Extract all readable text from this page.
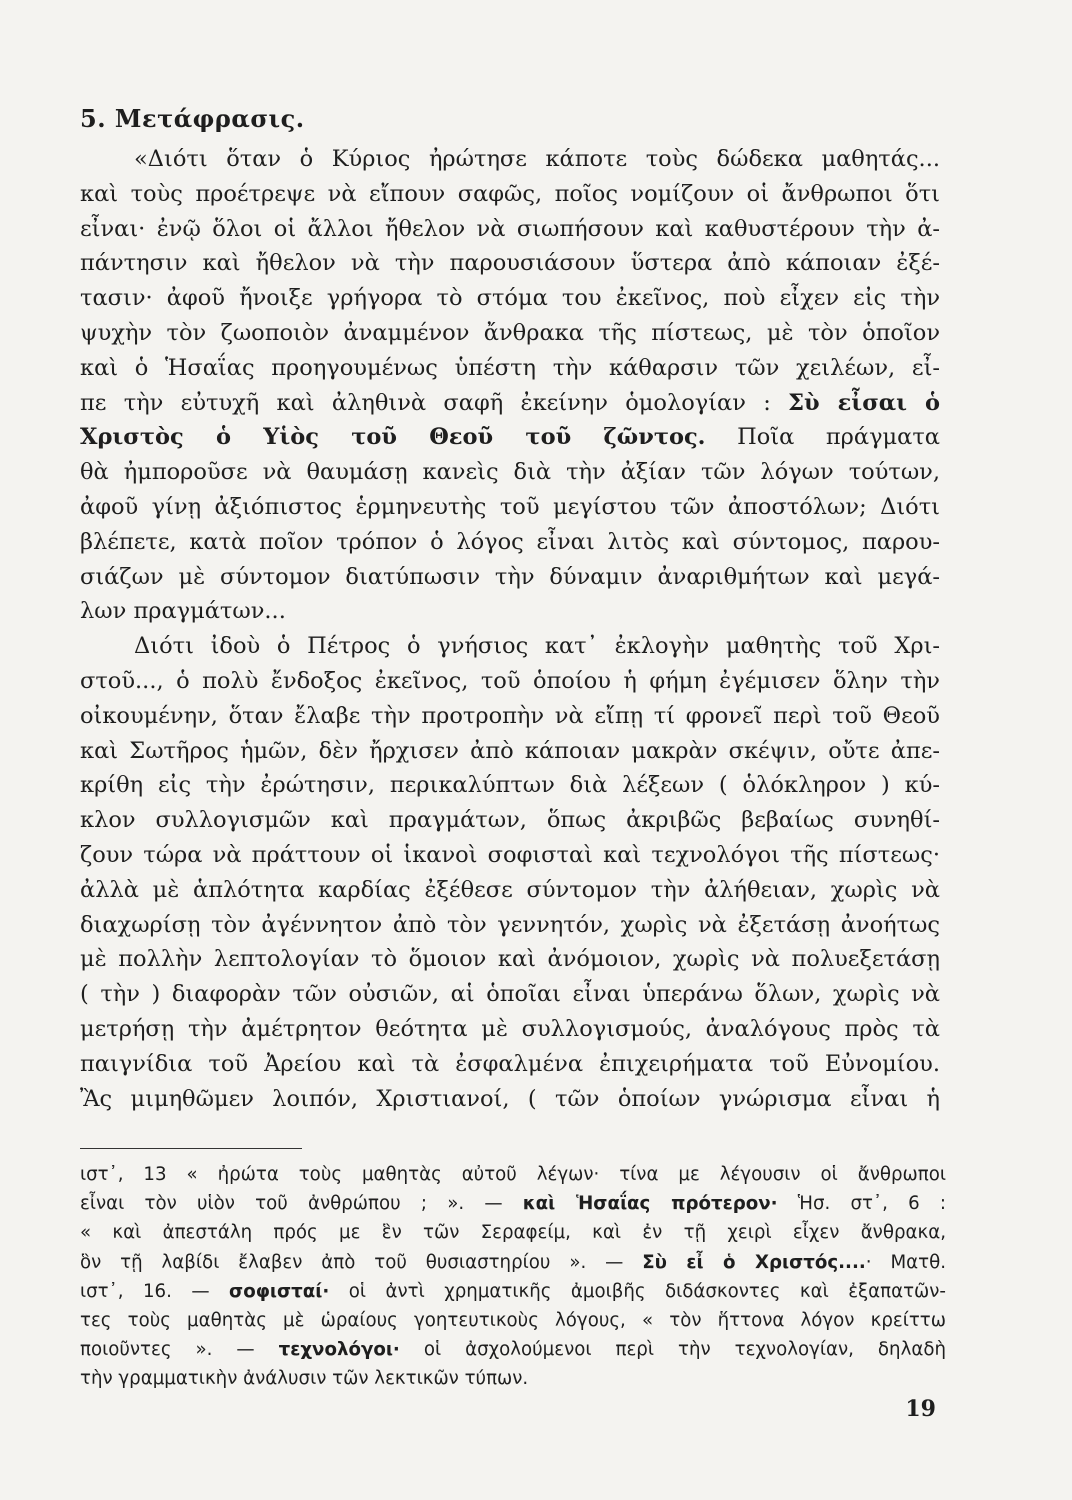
5. Μετάφρασις.
«Διότι ὅταν ὁ Κύριος ἠρώτησε κάποτε τοὺς δώδεκα μαθητάς...
καὶ τοὺς προέτρεψε νὰ εἴπουν σαφῶς, ποῖος νομίζουν οἱ ἄνθρωποι ὅτι
εἶναι· ἐνῷ ὅλοι οἱ ἄλλοι ἤθελον νὰ σιωπήσουν καὶ καθυστέρουν τὴν ἀ-
πάντησιν καὶ ἤθελον νὰ τὴν παρουσιάσουν ὕστερα ἀπὸ κάποιαν ἐξέ-
τασιν· ἀφοῦ ἤνοιξε γρήγορα τὸ στόμα του ἐκεῖνος, ποὺ εἶχεν εἰς τὴν
ψυχὴν τὸν ζωοποιὸν ἀναμμένον ἄνθρακα τῆς πίστεως, μὲ τὸν ὁποῖον
καὶ ὁ Ἡσαΐας προηγουμένως ὑπέστη τὴν κάθαρσιν τῶν χειλέων, εἶ-
πε τὴν εὐτυχῆ καὶ ἀληθινὰ σαφῆ ἐκείνην ὁμολογίαν : Σὺ εἶσαι ὁ
Χριστὸς ὁ Υἱὸς τοῦ Θεοῦ τοῦ ζῶντος. Ποῖα πράγματα
θὰ ἠμποροῦσε νὰ θαυμάσῃ κανεὶς διὰ τὴν ἀξίαν τῶν λόγων τούτων,
ἀφοῦ γίνῃ ἀξιόπιστος ἑρμηνευτὴς τοῦ μεγίστου τῶν ἀποστόλων; Διότι
βλέπετε, κατὰ ποῖον τρόπον ὁ λόγος εἶναι λιτὸς καὶ σύντομος, παρου-
σιάζων μὲ σύντομον διατύπωσιν τὴν δύναμιν ἀναριθμήτων καὶ μεγά-
λων πραγμάτων...
Διότι ἰδοὺ ὁ Πέτρος ὁ γνήσιος κατ᾽ ἐκλογὴν μαθητὴς τοῦ Χρι-
στοῦ..., ὁ πολὺ ἔνδοξος ἐκεῖνος, τοῦ ὁποίου ἡ φήμη ἐγέμισεν ὅλην τὴν
οἰκουμένην, ὅταν ἔλαβε τὴν προτροπὴν νὰ εἴπῃ τί φρονεῖ περὶ τοῦ Θεοῦ
καὶ Σωτῆρος ἡμῶν, δὲν ἤρχισεν ἀπὸ κάποιαν μακρὰν σκέψιν, οὔτε ἀπε-
κρίθη εἰς τὴν ἐρώτησιν, περικαλύπτων διὰ λέξεων ( ὁλόκληρον ) κύ-
κλον συλλογισμῶν καὶ πραγμάτων, ὅπως ἀκριβῶς βεβαίως συνηθί-
ζουν τώρα νὰ πράττουν οἱ ἱκανοὶ σοφισταὶ καὶ τεχνολόγοι τῆς πίστεως·
ἀλλὰ μὲ ἁπλότητα καρδίας ἐξέθεσε σύντομον τὴν ἀλήθειαν, χωρὶς νὰ
διαχωρίσῃ τὸν ἀγέννητον ἀπὸ τὸν γεννητόν, χωρὶς νὰ ἐξετάσῃ ἀνοήτως
μὲ πολλὴν λεπτολογίαν τὸ ὅμοιον καὶ ἀνόμοιον, χωρὶς νὰ πολυεξετάσῃ
( τὴν ) διαφορὰν τῶν οὐσιῶν, αἱ ὁποῖαι εἶναι ὑπεράνω ὅλων, χωρὶς νὰ
μετρήσῃ τὴν ἀμέτρητον θεότητα μὲ συλλογισμούς, ἀναλόγους πρὸς τὰ
παιγνίδια τοῦ Ἀρείου καὶ τὰ ἐσφαλμένα ἐπιχειρήματα τοῦ Εὐνομίου.
Ἂς μιμηθῶμεν λοιπόν, Χριστιανοί, ( τῶν ὁποίων γνώρισμα εἶναι ἡ
ιστ᾽, 13 « ἠρώτα τοὺς μαθητὰς αὐτοῦ λέγων· τίνα με λέγουσιν οἱ ἄνθρωποι
εἶναι τὸν υἱὸν τοῦ ἀνθρώπου ; ». — καὶ Ἡσαΐας πρότερον· Ἡσ. στ᾽, 6 :
« καὶ ἀπεστάλη πρός με ἓν τῶν Σεραφείμ, καὶ ἐν τῇ χειρὶ εἶχεν ἄνθρακα,
ὃν τῇ λαβίδι ἔλαβεν ἀπὸ τοῦ θυσιαστηρίου ». — Σὺ εἶ ὁ Χριστός....· Ματθ.
ιστ᾽, 16. — σοφισταί· οἱ ἀντὶ χρηματικῆς ἀμοιβῆς διδάσκοντες καὶ ἐξαπατῶν-
τες τοὺς μαθητὰς μὲ ὡραίους γοητευτικοὺς λόγους, « τὸν ἥττονα λόγον κρείττω
ποιοῦντες ». — τεχνολόγοι· οἱ ἀσχολούμενοι περὶ τὴν τεχνολογίαν, δηλαδὴ
τὴν γραμματικὴν ἀνάλυσιν τῶν λεκτικῶν τύπων.
19
